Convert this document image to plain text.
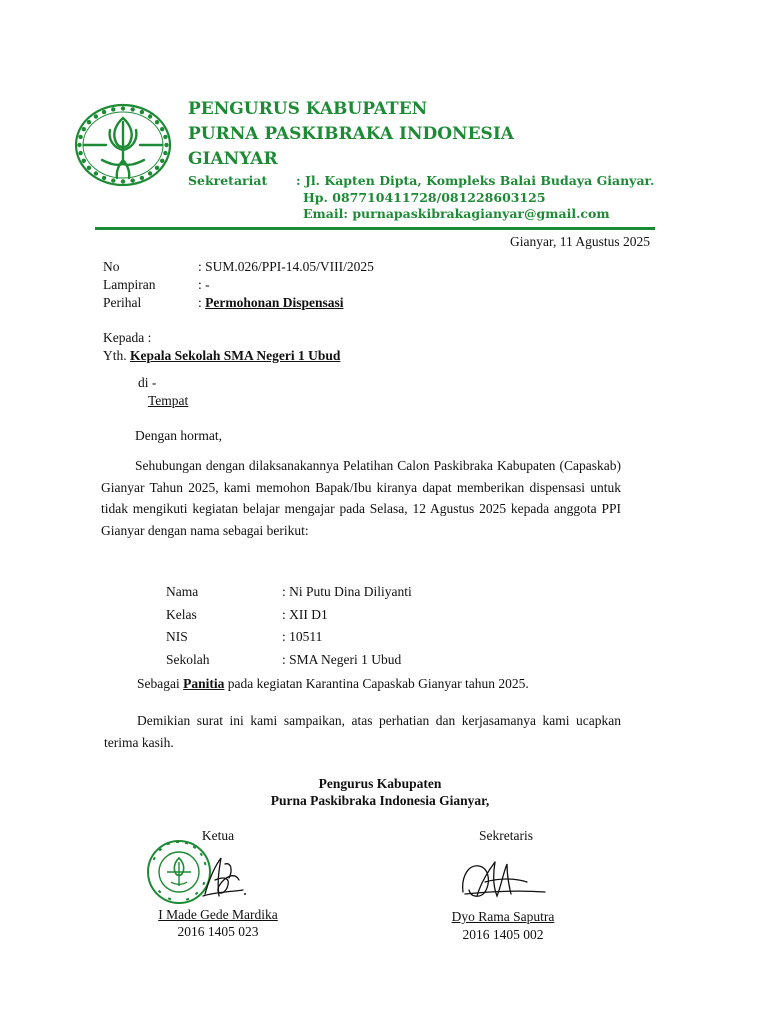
PENGURUS KABUPATEN
PURNA PASKIBRAKA INDONESIA
GIANYAR
Sekretariat : Jl. Kapten Dipta, Kompleks Balai Budaya Gianyar.
Hp. 087710411728/081228603125
Email: purnapaskibrakagianyar@gmail.com
Gianyar, 11 Agustus 2025
No	: SUM.026/PPI-14.05/VIII/2025
Lampiran	: -
Perihal	: Permohonan Dispensasi
Kepada :
Yth. Kepala Sekolah SMA Negeri 1 Ubud
di -
Tempat
Dengan hormat,
Sehubungan dengan dilaksanakannya Pelatihan Calon Paskibraka Kabupaten (Capaskab) Gianyar Tahun 2025, kami memohon Bapak/Ibu kiranya dapat memberikan dispensasi untuk tidak mengikuti kegiatan belajar mengajar pada Selasa, 12 Agustus 2025 kepada anggota PPI Gianyar dengan nama sebagai berikut:
Nama	: Ni Putu Dina Diliyanti
Kelas	: XII D1
NIS	: 10511
Sekolah	: SMA Negeri 1 Ubud
Sebagai Panitia pada kegiatan Karantina Capaskab Gianyar tahun 2025.
Demikian surat ini kami sampaikan, atas perhatian dan kerjasamanya kami ucapkan terima kasih.
Pengurus Kabupaten
Purna Paskibraka Indonesia Gianyar,
Ketua	Sekretaris
I Made Gede Mardika
2016 1405 023
Dyo Rama Saputra
2016 1405 002
